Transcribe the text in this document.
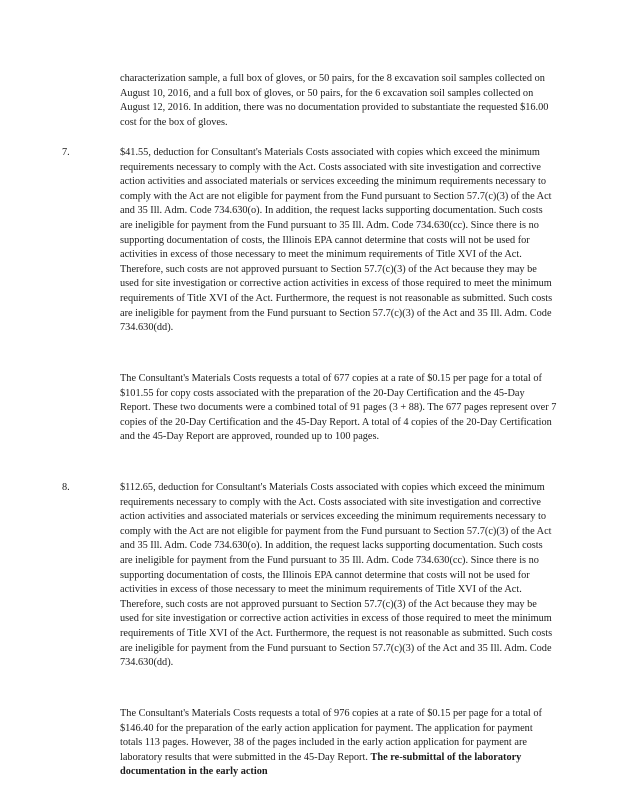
characterization sample, a full box of gloves, or 50 pairs, for the 8 excavation soil samples collected on August 10, 2016, and a full box of gloves, or 50 pairs, for the 6 excavation soil samples collected on August 12, 2016. In addition, there was no documentation provided to substantiate the requested $16.00 cost for the box of gloves.

7.	$41.55, deduction for Consultant's Materials Costs associated with copies which exceed the minimum requirements necessary to comply with the Act. Costs associated with site investigation and corrective action activities and associated materials or services exceeding the minimum requirements necessary to comply with the Act are not eligible for payment from the Fund pursuant to Section 57.7(c)(3) of the Act and 35 Ill. Adm. Code 734.630(o). In addition, the request lacks supporting documentation. Such costs are ineligible for payment from the Fund pursuant to 35 Ill. Adm. Code 734.630(cc). Since there is no supporting documentation of costs, the Illinois EPA cannot determine that costs will not be used for activities in excess of those necessary to meet the minimum requirements of Title XVI of the Act. Therefore, such costs are not approved pursuant to Section 57.7(c)(3) of the Act because they may be used for site investigation or corrective action activities in excess of those required to meet the minimum requirements of Title XVI of the Act. Furthermore, the request is not reasonable as submitted. Such costs are ineligible for payment from the Fund pursuant to Section 57.7(c)(3) of the Act and 35 Ill. Adm. Code 734.630(dd).

The Consultant's Materials Costs requests a total of 677 copies at a rate of $0.15 per page for a total of $101.55 for copy costs associated with the preparation of the 20-Day Certification and the 45-Day Report. These two documents were a combined total of 91 pages (3 + 88). The 677 pages represent over 7 copies of the 20-Day Certification and the 45-Day Report. A total of 4 copies of the 20-Day Certification and the 45-Day Report are approved, rounded up to 100 pages.

8.	$112.65, deduction for Consultant's Materials Costs associated with copies which exceed the minimum requirements necessary to comply with the Act. Costs associated with site investigation and corrective action activities and associated materials or services exceeding the minimum requirements necessary to comply with the Act are not eligible for payment from the Fund pursuant to Section 57.7(c)(3) of the Act and 35 Ill. Adm. Code 734.630(o). In addition, the request lacks supporting documentation. Such costs are ineligible for payment from the Fund pursuant to 35 Ill. Adm. Code 734.630(cc). Since there is no supporting documentation of costs, the Illinois EPA cannot determine that costs will not be used for activities in excess of those necessary to meet the minimum requirements of Title XVI of the Act. Therefore, such costs are not approved pursuant to Section 57.7(c)(3) of the Act because they may be used for site investigation or corrective action activities in excess of those required to meet the minimum requirements of Title XVI of the Act. Furthermore, the request is not reasonable as submitted. Such costs are ineligible for payment from the Fund pursuant to Section 57.7(c)(3) of the Act and 35 Ill. Adm. Code 734.630(dd).

The Consultant's Materials Costs requests a total of 976 copies at a rate of $0.15 per page for a total of $146.40 for the preparation of the early action application for payment. The application for payment totals 113 pages. However, 38 of the pages included in the early action application for payment are laboratory results that were submitted in the 45-Day Report. The re-submittal of the laboratory documentation in the early action
